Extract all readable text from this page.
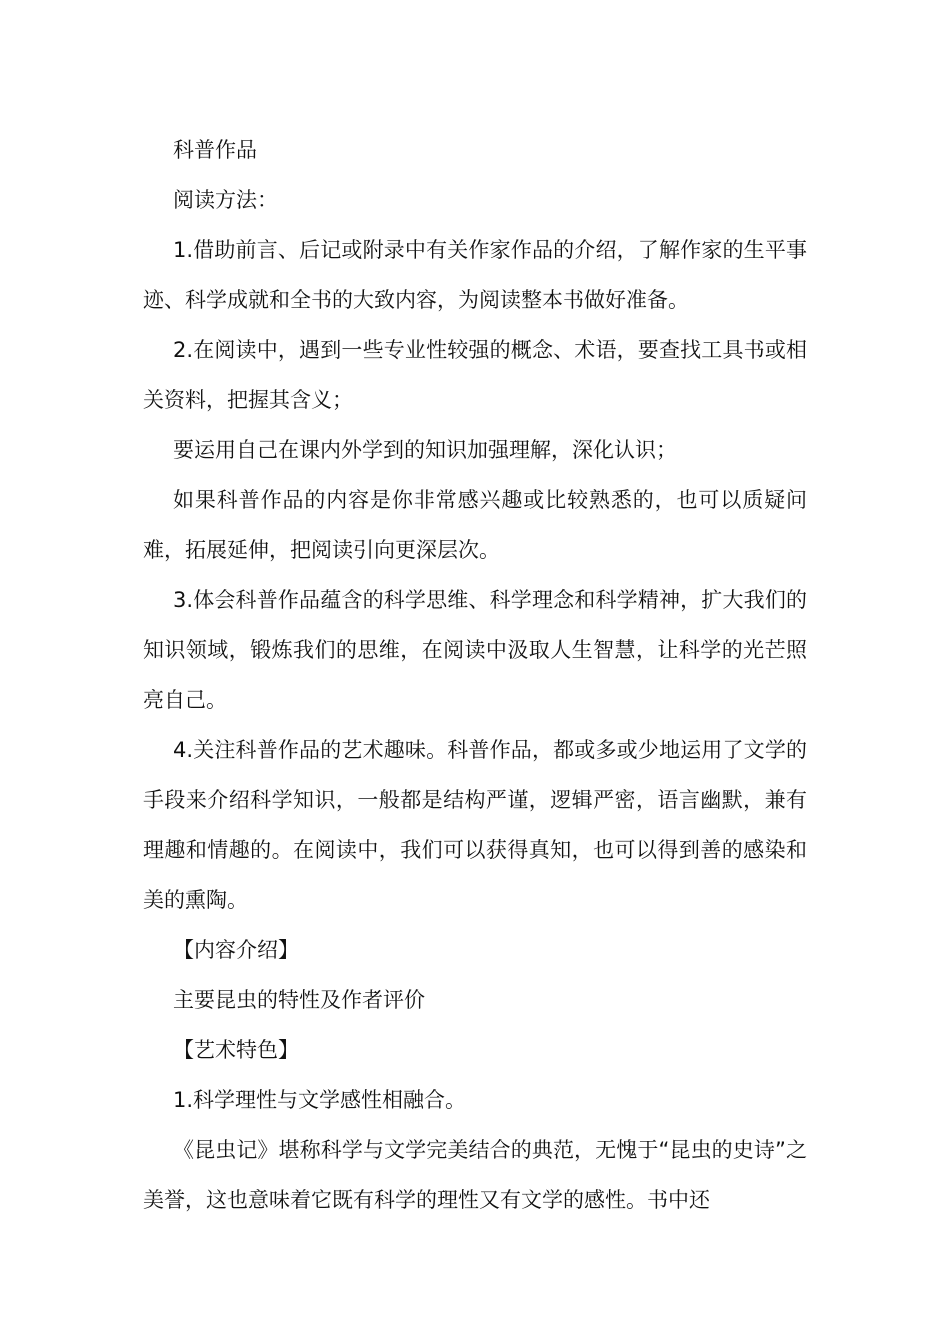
科普作品

阅读方法：

1.借助前言、后记或附录中有关作家作品的介绍，了解作家的生平事迹、科学成就和全书的大致内容，为阅读整本书做好准备。

2.在阅读中，遇到一些专业性较强的概念、术语，要查找工具书或相关资料，把握其含义；

要运用自己在课内外学到的知识加强理解，深化认识；

如果科普作品的内容是你非常感兴趣或比较熟悉的，也可以质疑问难，拓展延伸，把阅读引向更深层次。

3.体会科普作品蕴含的科学思维、科学理念和科学精神，扩大我们的知识领域，锻炼我们的思维，在阅读中汲取人生智慧，让科学的光芒照亮自己。

4.关注科普作品的艺术趣味。科普作品，都或多或少地运用了文学的手段来介绍科学知识，一般都是结构严谨，逻辑严密，语言幽默，兼有理趣和情趣的。在阅读中，我们可以获得真知，也可以得到善的感染和美的熏陶。

【内容介绍】

主要昆虫的特性及作者评价

【艺术特色】

1.科学理性与文学感性相融合。

《昆虫记》堪称科学与文学完美结合的典范，无愧于“昆虫的史诗”之美誉，这也意味着它既有科学的理性又有文学的感性。书中还
